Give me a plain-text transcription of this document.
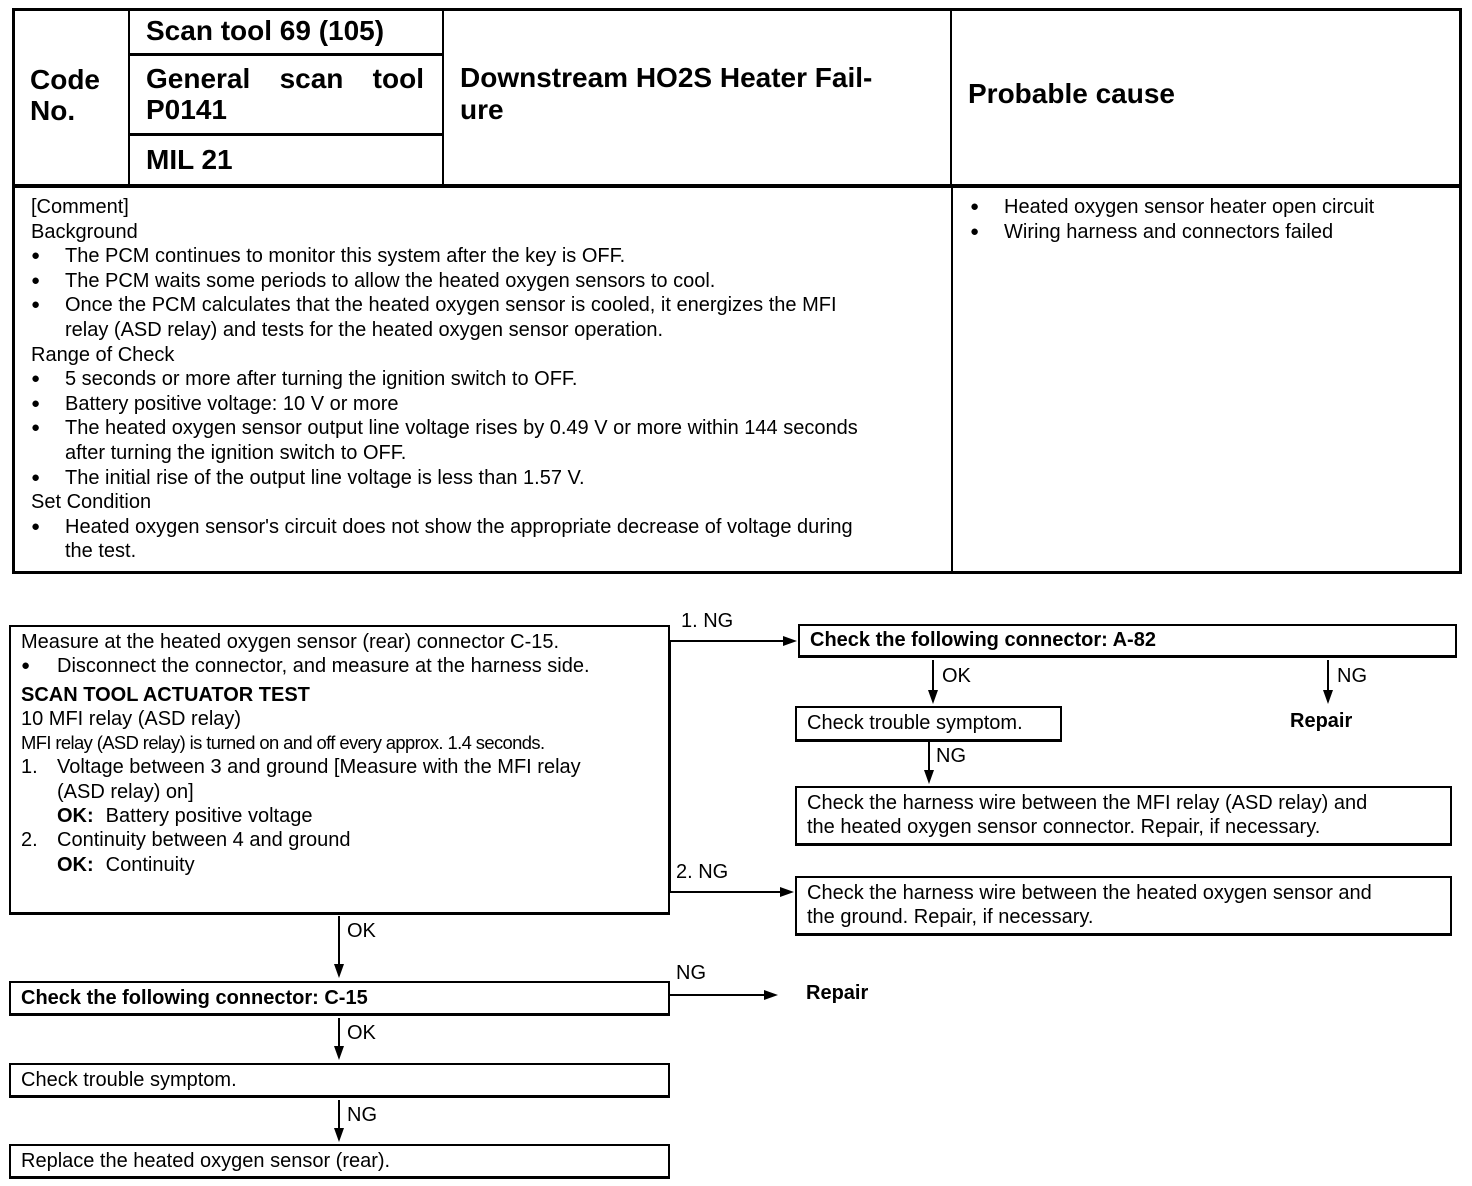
Code
No.
Scan tool 69 (105)
General scan tool
P0141
MIL 21
Downstream HO2S Heater Fail-
ure
Probable cause
[Comment]
Background
● The PCM continues to monitor this system after the key is OFF.
● The PCM waits some periods to allow the heated oxygen sensors to cool.
● Once the PCM calculates that the heated oxygen sensor is cooled, it energizes the MFI
relay (ASD relay) and tests for the heated oxygen sensor operation.
Range of Check
● 5 seconds or more after turning the ignition switch to OFF.
● Battery positive voltage: 10 V or more
● The heated oxygen sensor output line voltage rises by 0.49 V or more within 144 seconds
after turning the ignition switch to OFF.
● The initial rise of the output line voltage is less than 1.57 V.
Set Condition
● Heated oxygen sensor's circuit does not show the appropriate decrease of voltage during
the test.
● Heated oxygen sensor heater open circuit
● Wiring harness and connectors failed
Measure at the heated oxygen sensor (rear) connector C-15.
● Disconnect the connector, and measure at the harness side.
SCAN TOOL ACTUATOR TEST
10 MFI relay (ASD relay)
MFI relay (ASD relay) is turned on and off every approx. 1.4 seconds.
1. Voltage between 3 and ground [Measure with the MFI relay
(ASD relay) on]
OK: Battery positive voltage
2. Continuity between 4 and ground
OK: Continuity
1. NG
2. NG
Check the following connector: A-82
OK	NG
Repair
Check trouble symptom.
NG
Check the harness wire between the MFI relay (ASD relay) and
the heated oxygen sensor connector. Repair, if necessary.
Check the harness wire between the heated oxygen sensor and
the ground. Repair, if necessary.
OK
Check the following connector: C-15
NG
Repair
OK
Check trouble symptom.
NG
Replace the heated oxygen sensor (rear).
